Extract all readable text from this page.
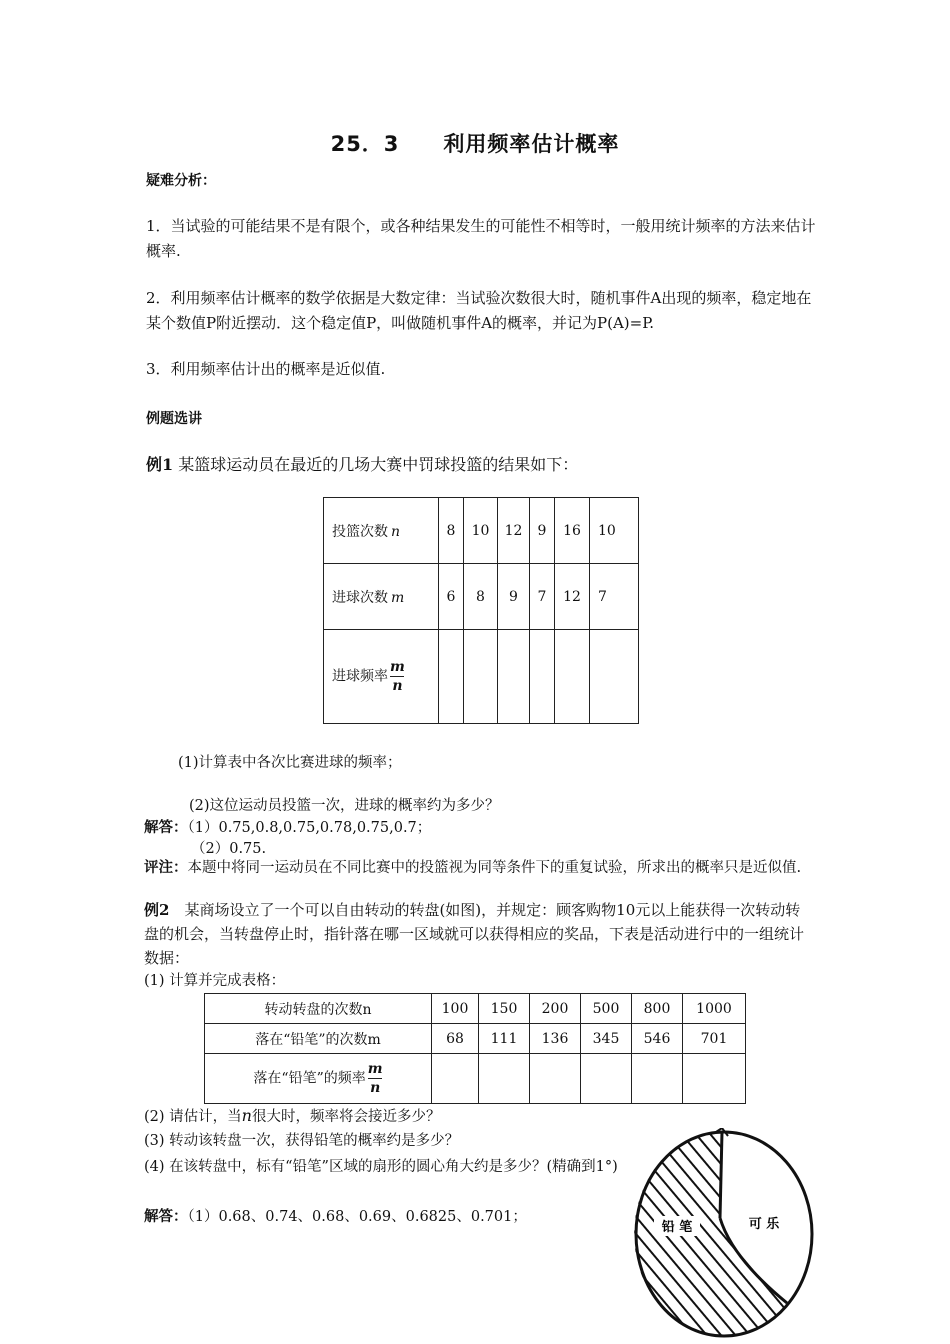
25．3　　利用频率估计概率
疑难分析：
1．当试验的可能结果不是有限个，或各种结果发生的可能性不相等时，一般用统计频率的方法来估计概率.
2．利用频率估计概率的数学依据是大数定律：当试验次数很大时，随机事件A出现的频率，稳定地在某个数值P附近摆动．这个稳定值P，叫做随机事件A的概率，并记为P(A)=P.
3．利用频率估计出的概率是近似值.
例题选讲
例1 某篮球运动员在最近的几场大赛中罚球投篮的结果如下：
投篮次数 n	8	10	12	9	16	10
进球次数 m	6	8	9	7	12	7
进球频率 $\frac{m}{n}$

(1)计算表中各次比赛进球的频率；
(2)这位运动员投篮一次，进球的概率约为多少？
解答：（1）0.75,0.8,0.75,0.78,0.75,0.7；
（2）0.75.
评注：本题中将同一运动员在不同比赛中的投篮视为同等条件下的重复试验，所求出的概率只是近似值.
例2　某商场设立了一个可以自由转动的转盘(如图)，并规定：顾客购物10元以上能获得一次转动转盘的机会，当转盘停止时，指针落在哪一区域就可以获得相应的奖品，下表是活动进行中的一组统计数据：
(1) 计算并完成表格：
转动转盘的次数n	100	150	200	500	800	1000
落在“铅笔”的次数m	68	111	136	345	546	701
落在“铅笔”的频率 $\frac{m}{n}$

(2) 请估计，当n很大时，频率将会接近多少？
(3) 转动该转盘一次，获得铅笔的概率约是多少？
(4) 在该转盘中，标有“铅笔”区域的扇形的圆心角大约是多少？(精确到1°)
解答：（1）0.68、0.74、0.68、0.69、0.6825、0.701；
铅 笔	可 乐
